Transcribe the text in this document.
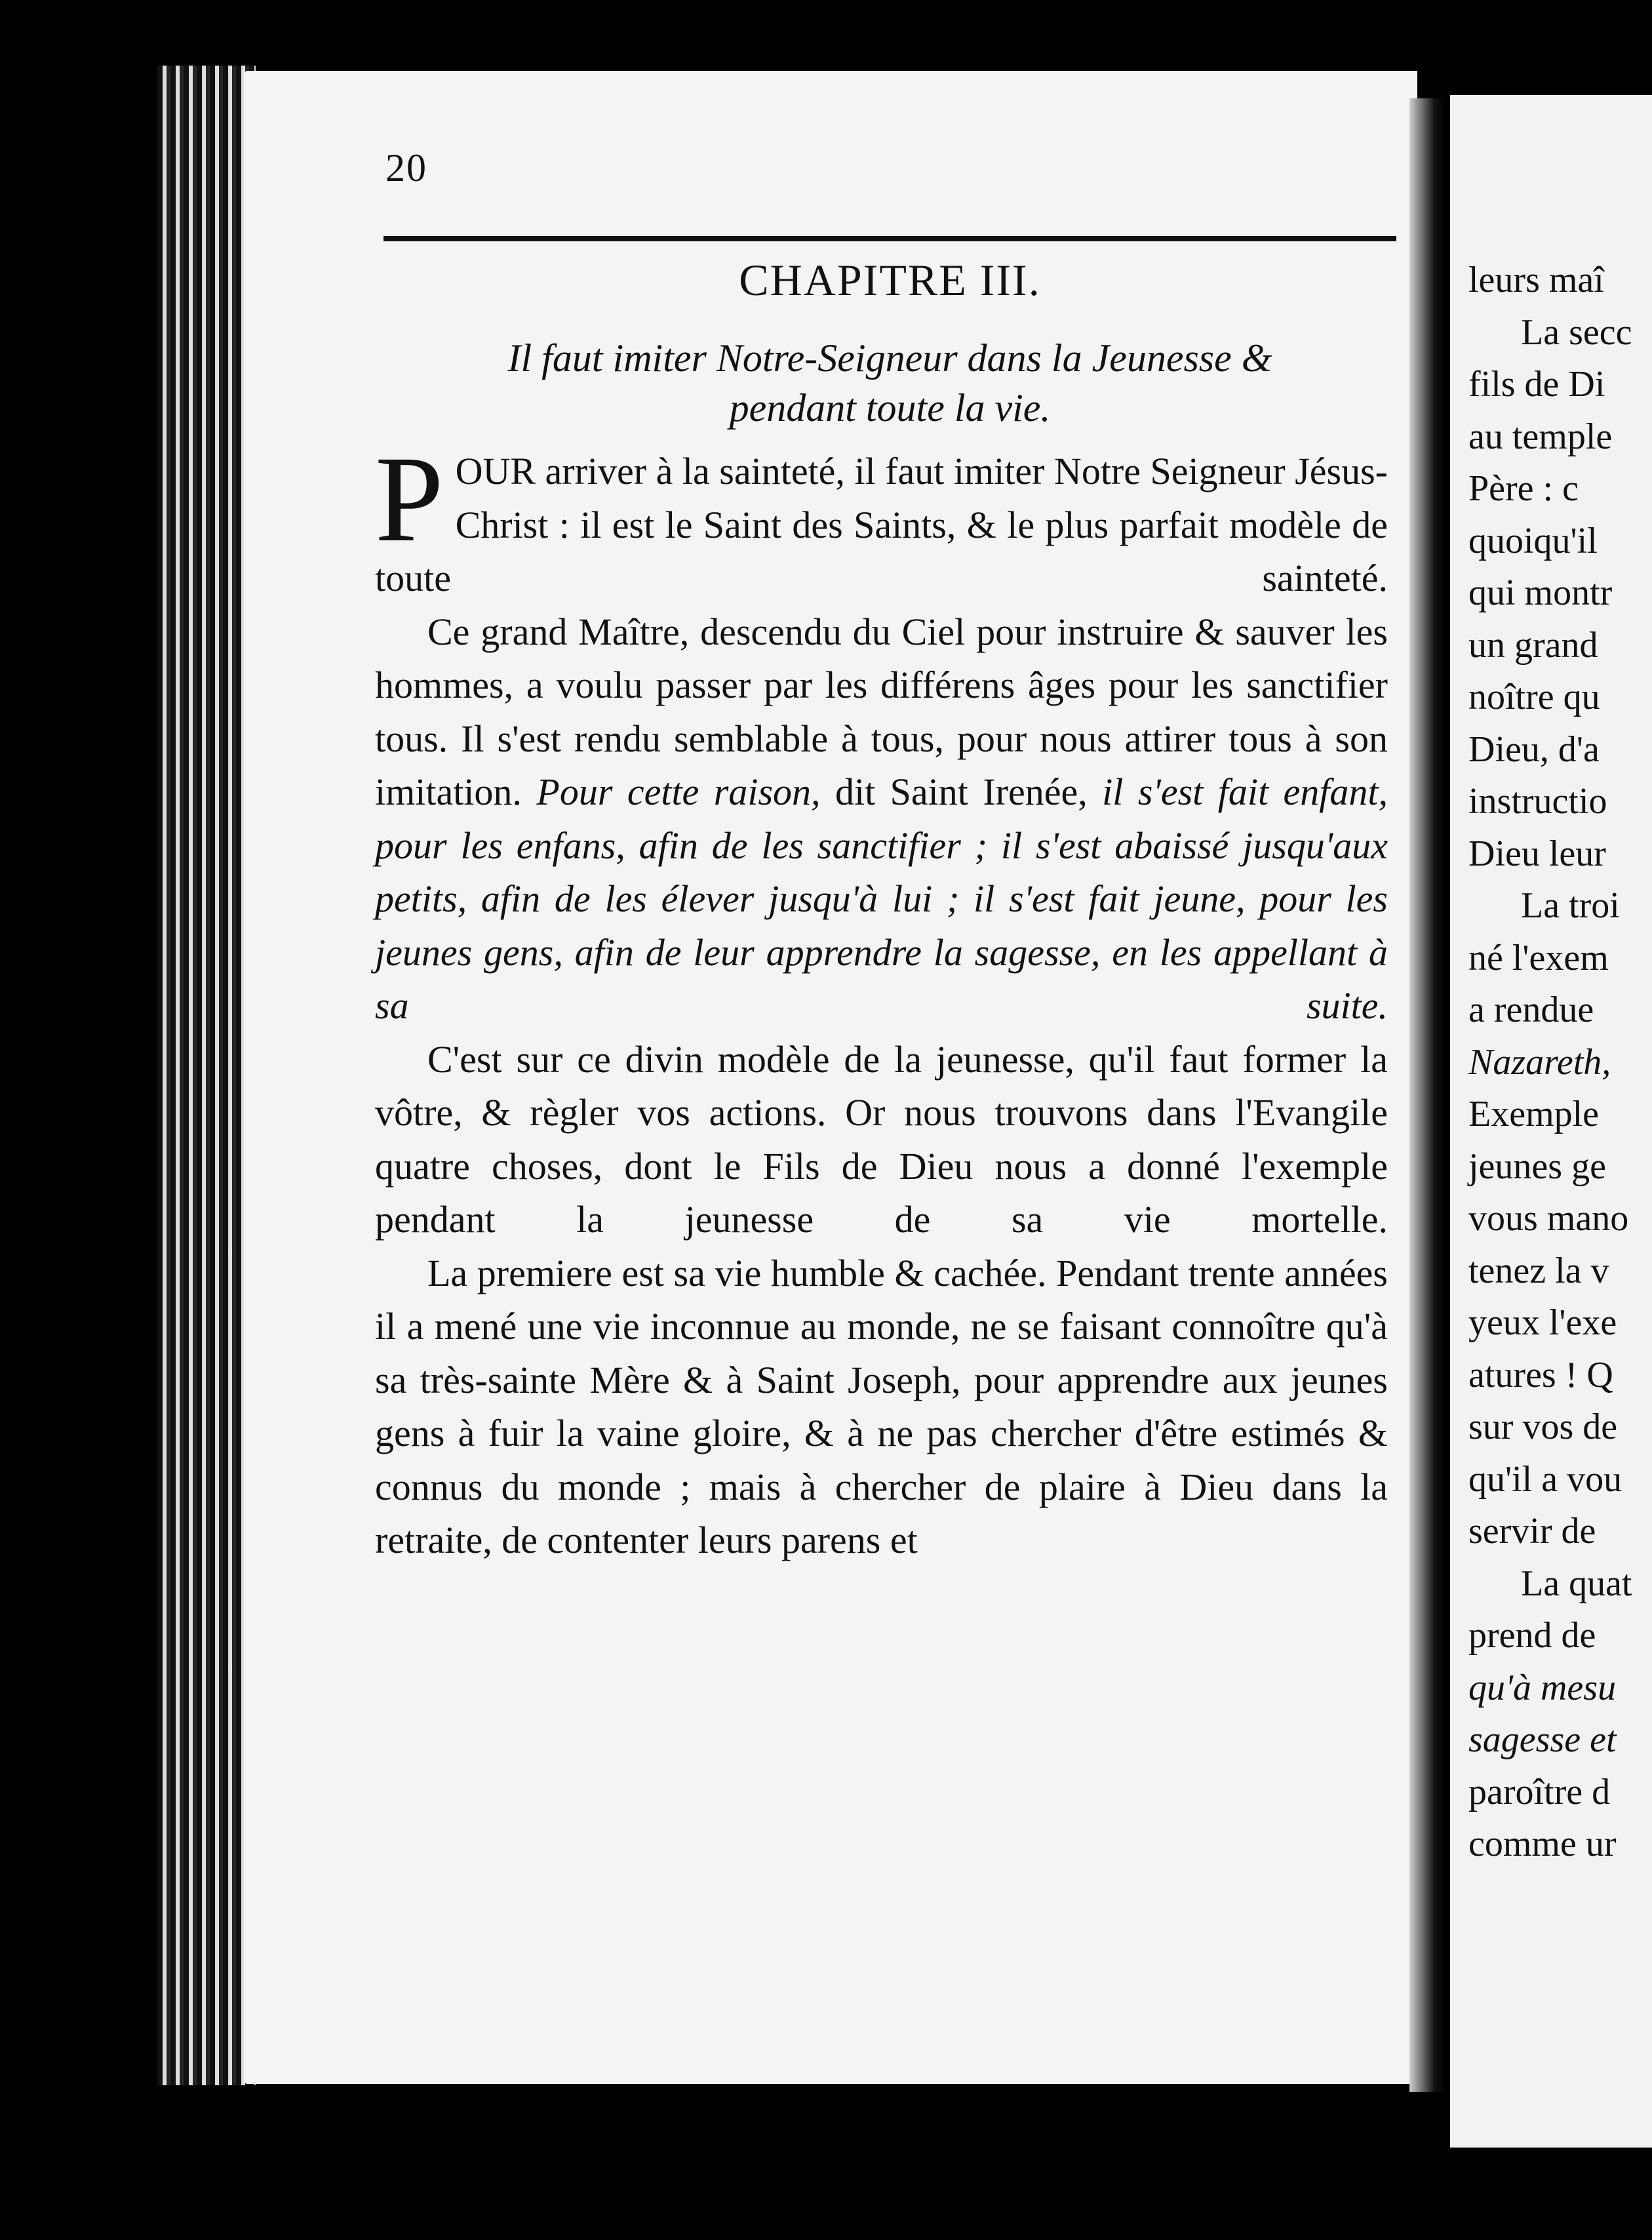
20
CHAPITRE III.
Il faut imiter Notre-Seigneur dans la Jeunesse &
pendant toute la vie.

POUR arriver à la sainteté, il faut imiter Notre Seigneur Jésus-Christ : il est le Saint des Saints, & le plus parfait modèle de toute sainteté.

Ce grand Maître, descendu du Ciel pour instruire & sauver les hommes, a voulu passer par les différens âges pour les sanctifier tous. Il s'est rendu semblable à tous, pour nous attirer tous à son imitation. Pour cette raison, dit Saint Irenée, il s'est fait enfant, pour les enfans, afin de les sanctifier ; il s'est abaissé jusqu'aux petits, afin de les élever jusqu'à lui ; il s'est fait jeune, pour les jeunes gens, afin de leur apprendre la sagesse, en les appellant à sa suite.

C'est sur ce divin modèle de la jeunesse, qu'il faut former la vôtre, & règler vos actions. Or nous trouvons dans l'Evangile quatre choses, dont le Fils de Dieu nous a donné l'exemple pendant la jeunesse de sa vie mortelle.

La premiere est sa vie humble & cachée. Pendant trente années il a mené une vie inconnue au monde, ne se faisant connoître qu'à sa très-sainte Mère & à Saint Joseph, pour apprendre aux jeunes gens à fuir la vaine gloire, & à ne pas chercher d'être estimés & connus du monde ; mais à chercher de plaire à Dieu dans la retraite, de contenter leurs parens et

leurs maî
La secc
fils de Di
au temple
Père : c
quoiqu'il
qui montr
un grand
noître qu
Dieu, d'a
instructio
Dieu leur
La troi
né l'exem
a rendue
Nazareth,
Exemple
jeunes ge
vous mano
tenez la v
yeux l'exe
atures ! Q
sur vos de
qu'il a vou
servir de
La quat
prend de
qu'à mesu
sagesse et
paroître d
comme ur
